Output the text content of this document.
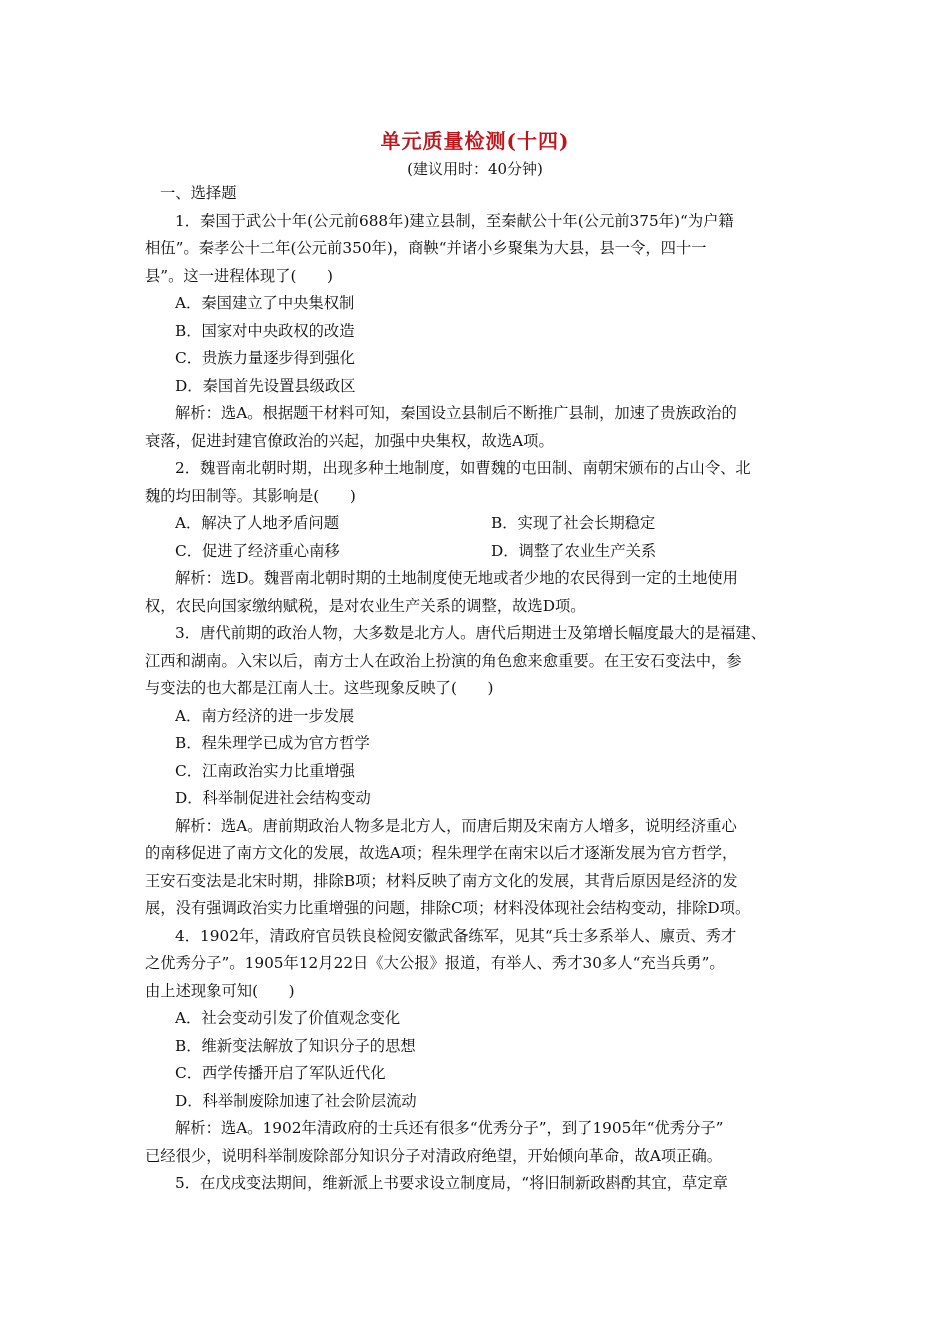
单元质量检测(十四)
(建议用时：40分钟)
一、选择题
1．秦国于武公十年(公元前688年)建立县制，至秦献公十年(公元前375年)“为户籍
相伍”。秦孝公十二年(公元前350年)，商鞅“并诸小乡聚集为大县，县一令，四十一
县”。这一进程体现了(　　)
A．秦国建立了中央集权制
B．国家对中央政权的改造
C．贵族力量逐步得到强化
D．秦国首先设置县级政区
解析：选A。根据题干材料可知，秦国设立县制后不断推广县制，加速了贵族政治的
衰落，促进封建官僚政治的兴起，加强中央集权，故选A项。
2．魏晋南北朝时期，出现多种土地制度，如曹魏的屯田制、南朝宋颁布的占山令、北
魏的均田制等。其影响是(　　)
A．解决了人地矛盾问题	B．实现了社会长期稳定
C．促进了经济重心南移	D．调整了农业生产关系
解析：选D。魏晋南北朝时期的土地制度使无地或者少地的农民得到一定的土地使用
权，农民向国家缴纳赋税，是对农业生产关系的调整，故选D项。
3．唐代前期的政治人物，大多数是北方人。唐代后期进士及第增长幅度最大的是福建、
江西和湖南。入宋以后，南方士人在政治上扮演的角色愈来愈重要。在王安石变法中，参
与变法的也大都是江南人士。这些现象反映了(　　)
A．南方经济的进一步发展
B．程朱理学已成为官方哲学
C．江南政治实力比重增强
D．科举制促进社会结构变动
解析：选A。唐前期政治人物多是北方人，而唐后期及宋南方人增多，说明经济重心
的南移促进了南方文化的发展，故选A项；程朱理学在南宋以后才逐渐发展为官方哲学，
王安石变法是北宋时期，排除B项；材料反映了南方文化的发展，其背后原因是经济的发
展，没有强调政治实力比重增强的问题，排除C项；材料没体现社会结构变动，排除D项。
4．1902年，清政府官员铁良检阅安徽武备练军，见其“兵士多系举人、廪贡、秀才
之优秀分子”。1905年12月22日《大公报》报道，有举人、秀才30多人“充当兵勇”。
由上述现象可知(　　)
A．社会变动引发了价值观念变化
B．维新变法解放了知识分子的思想
C．西学传播开启了军队近代化
D．科举制废除加速了社会阶层流动
解析：选A。1902年清政府的士兵还有很多“优秀分子”，到了1905年“优秀分子”
已经很少，说明科举制废除部分知识分子对清政府绝望，开始倾向革命，故A项正确。
5．在戊戌变法期间，维新派上书要求设立制度局，“将旧制新政斟酌其宜，草定章
